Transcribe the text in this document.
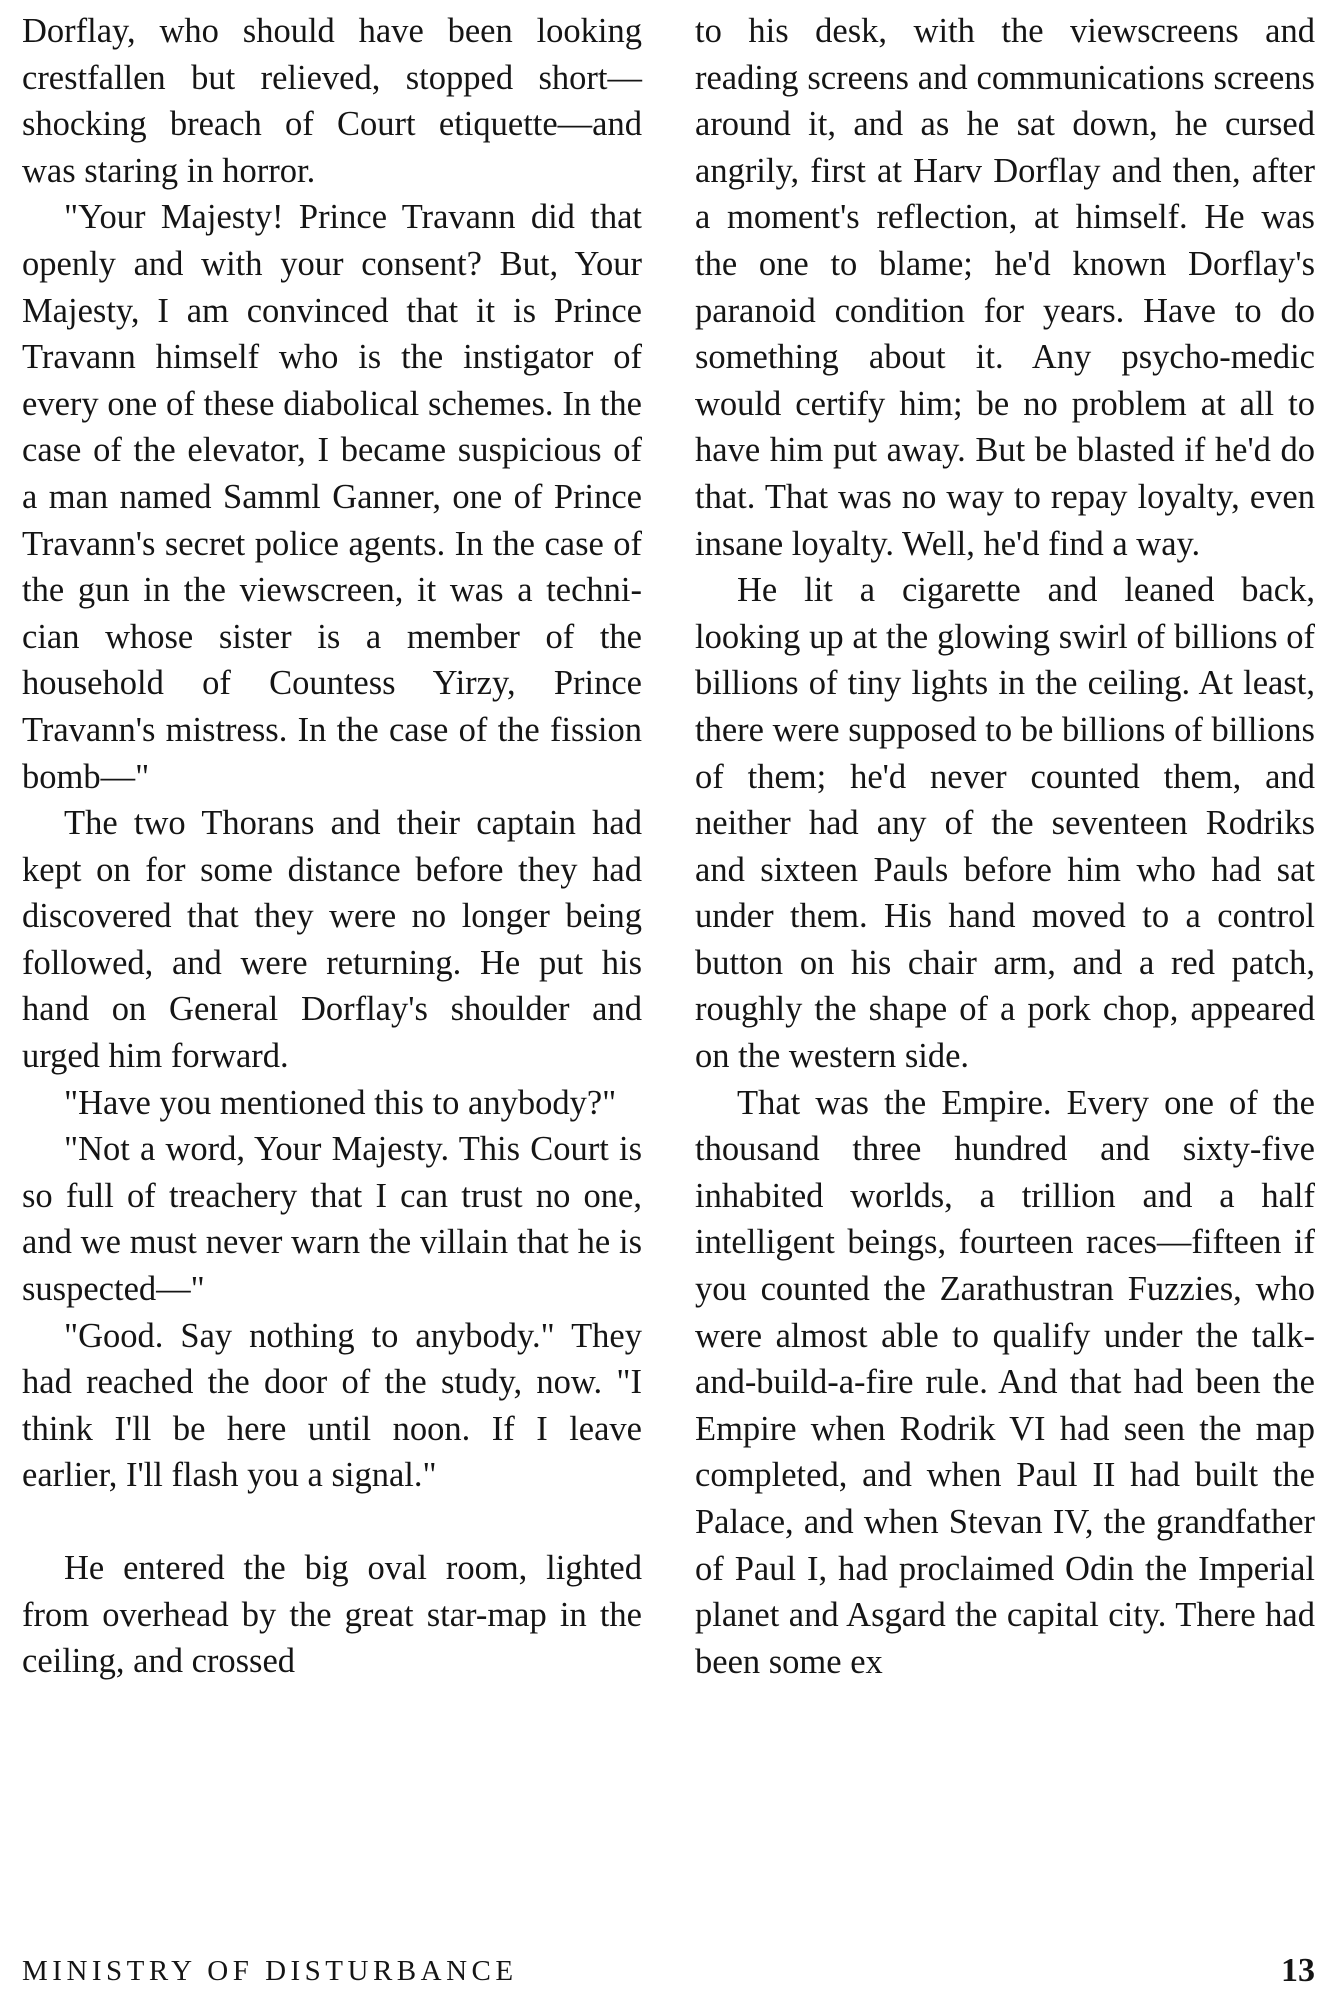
Dorflay, who should have been looking crestfallen but relieved, stopped short—shocking breach of Court etiquette—and was staring in horror.

"Your Majesty! Prince Travann did that openly and with your consent? But, Your Majesty, I am convinced that it is Prince Travann himself who is the instigator of every one of these diabolical schemes. In the case of the elevator, I became suspicious of a man named Samml Ganner, one of Prince Travann's secret police agents. In the case of the gun in the viewscreen, it was a technician whose sister is a member of the household of Countess Yirzy, Prince Travann's mistress. In the case of the fission bomb—"

The two Thorans and their captain had kept on for some distance before they had discovered that they were no longer being followed, and were returning. He put his hand on General Dorflay's shoulder and urged him forward.

"Have you mentioned this to anybody?"

"Not a word, Your Majesty. This Court is so full of treachery that I can trust no one, and we must never warn the villain that he is suspected—"

"Good. Say nothing to anybody." They had reached the door of the study, now. "I think I'll be here until noon. If I leave earlier, I'll flash you a signal."

He entered the big oval room, lighted from overhead by the great star-map in the ceiling, and crossed

to his desk, with the viewscreens and reading screens and communications screens around it, and as he sat down, he cursed angrily, first at Harv Dorflay and then, after a moment's reflection, at himself. He was the one to blame; he'd known Dorflay's paranoid condition for years. Have to do something about it. Any psycho-medic would certify him; be no problem at all to have him put away. But be blasted if he'd do that. That was no way to repay loyalty, even insane loyalty. Well, he'd find a way.

He lit a cigarette and leaned back, looking up at the glowing swirl of billions of billions of tiny lights in the ceiling. At least, there were supposed to be billions of billions of them; he'd never counted them, and neither had any of the seventeen Rodriks and sixteen Pauls before him who had sat under them. His hand moved to a control button on his chair arm, and a red patch, roughly the shape of a pork chop, appeared on the western side.

That was the Empire. Every one of the thousand three hundred and sixty-five inhabited worlds, a trillion and a half intelligent beings, fourteen races—fifteen if you counted the Zarathustran Fuzzies, who were almost able to qualify under the talk-and-build-a-fire rule. And that had been the Empire when Rodrik VI had seen the map completed, and when Paul II had built the Palace, and when Stevan IV, the grandfather of Paul I, had proclaimed Odin the Imperial planet and Asgard the capital city. There had been some ex

MINISTRY OF DISTURBANCE	13
